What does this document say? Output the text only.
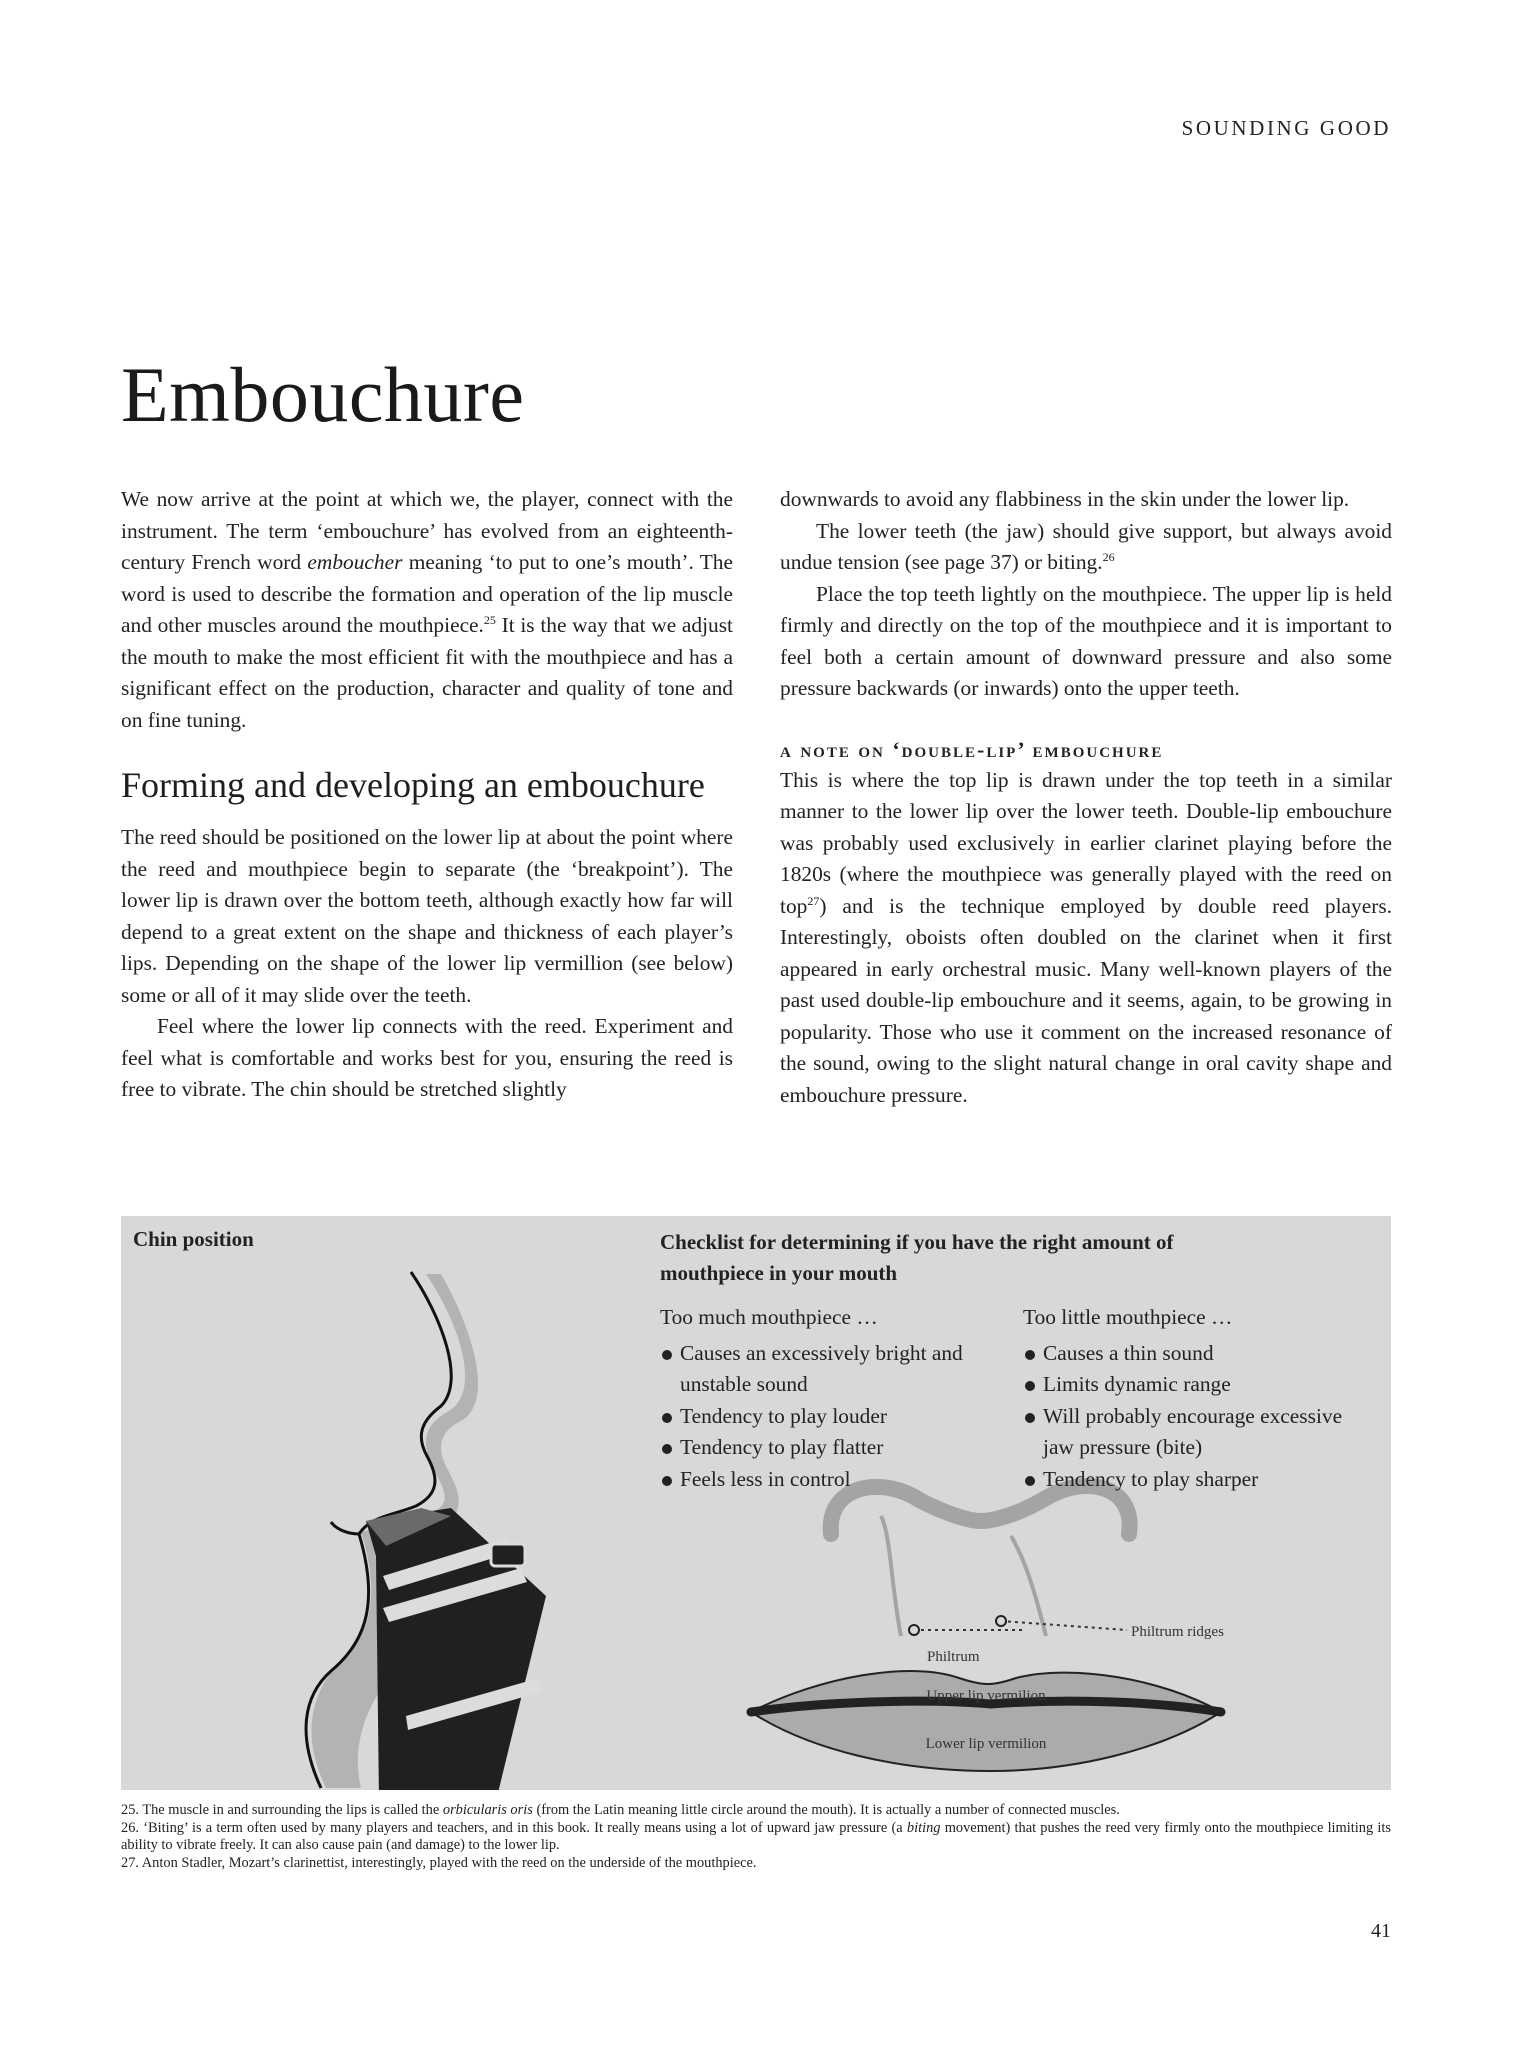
SOUNDING GOOD
Embouchure

We now arrive at the point at which we, the player, connect with the instrument. The term ‘embouchure’ has evolved from an eighteenth-century French word emboucher meaning ‘to put to one’s mouth’. The word is used to describe the formation and operation of the lip muscle and other muscles around the mouthpiece.$^{25}$ It is the way that we adjust the mouth to make the most efficient fit with the mouthpiece and has a significant effect on the production, character and quality of tone and on fine tuning.

Forming and developing an embouchure

The reed should be positioned on the lower lip at about the point where the reed and mouthpiece begin to separate (the ‘breakpoint’). The lower lip is drawn over the bottom teeth, although exactly how far will depend to a great extent on the shape and thickness of each player’s lips. Depending on the shape of the lower lip vermillion (see below) some or all of it may slide over the teeth.

Feel where the lower lip connects with the reed. Experiment and feel what is comfortable and works best for you, ensuring the reed is free to vibrate. The chin should be stretched slightly

downwards to avoid any flabbiness in the skin under the lower lip.

The lower teeth (the jaw) should give support, but always avoid undue tension (see page 37) or biting.$^{26}$

Place the top teeth lightly on the mouthpiece. The upper lip is held firmly and directly on the top of the mouthpiece and it is important to feel both a certain amount of downward pressure and also some pressure backwards (or inwards) onto the upper teeth.

a note on ‘double-lip’ embouchure

This is where the top lip is drawn under the top teeth in a similar manner to the lower lip over the lower teeth. Double-lip embouchure was probably used exclusively in earlier clarinet playing before the 1820s (where the mouthpiece was generally played with the reed on top$^{27}$) and is the technique employed by double reed players. Interestingly, oboists often doubled on the clarinet when it first appeared in early orchestral music. Many well-known players of the past used double-lip embouchure and it seems, again, to be growing in popularity. Those who use it comment on the increased resonance of the sound, owing to the slight natural change in oral cavity shape and embouchure pressure.

Philtrum
Philtrum ridges
Upper lip vermilion
Lower lip vermilion
Chin position	Checklist for determining if you have the right amount of mouthpiece in your mouth
Too much mouthpiece …
Causes an excessively bright and unstable sound
Tendency to play louder
Tendency to play flatter
Feels less in control
Too little mouthpiece …
Causes a thin sound
Limits dynamic range
Will probably encourage excessive jaw pressure (bite)
Tendency to play sharper

25. The muscle in and surrounding the lips is called the orbicularis oris (from the Latin meaning little circle around the mouth). It is actually a number of connected muscles.

26. ‘Biting’ is a term often used by many players and teachers, and in this book. It really means using a lot of upward jaw pressure (a biting movement) that pushes the reed very firmly onto the mouthpiece limiting its ability to vibrate freely. It can also cause pain (and damage) to the lower lip.

27. Anton Stadler, Mozart’s clarinettist, interestingly, played with the reed on the underside of the mouthpiece.

41
